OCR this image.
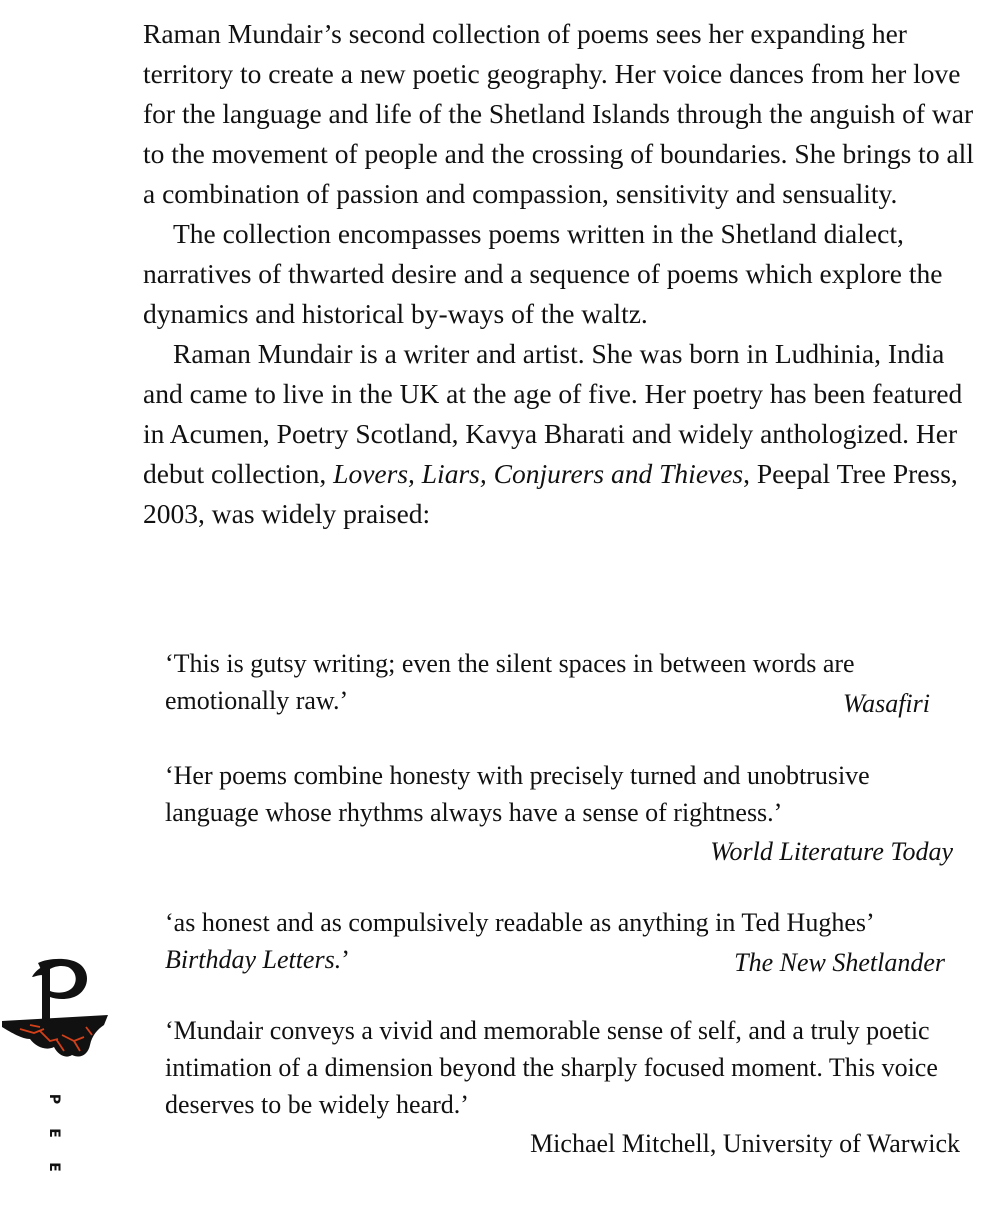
Raman Mundair’s second collection of poems sees her expanding her territory to create a new poetic geography. Her voice dances from her love for the language and life of the Shetland Islands through the anguish of war to the movement of people and the crossing of boundaries. She brings to all a combination of passion and compassion, sensitivity and sensuality.

The collection encompasses poems written in the Shetland dialect, narratives of thwarted desire and a sequence of poems which explore the dynamics and historical by-ways of the waltz.

Raman Mundair is a writer and artist. She was born in Ludhinia, India and came to live in the UK at the age of five. Her poetry has been featured in Acumen, Poetry Scotland, Kavya Bharati and widely anthologized. Her debut collection, Lovers, Liars, Conjurers and Thieves, Peepal Tree Press, 2003, was widely praised:

‘This is gutsy writing; even the silent spaces in between words are emotionally raw.’	Wasafiri

‘Her poems combine honesty with precisely turned and unobtrusive language whose rhythms always have a sense of rightness.’

World Literature Today

‘as honest and as compulsively readable as anything in Ted Hughes’
Birthday Letters.’	The New Shetlander

‘Mundair conveys a vivid and memorable sense of self, and a truly poetic intimation of a dimension beyond the sharply focused moment. This voice deserves to be widely heard.’

Michael Mitchell, University of Warwick
P
E
E
